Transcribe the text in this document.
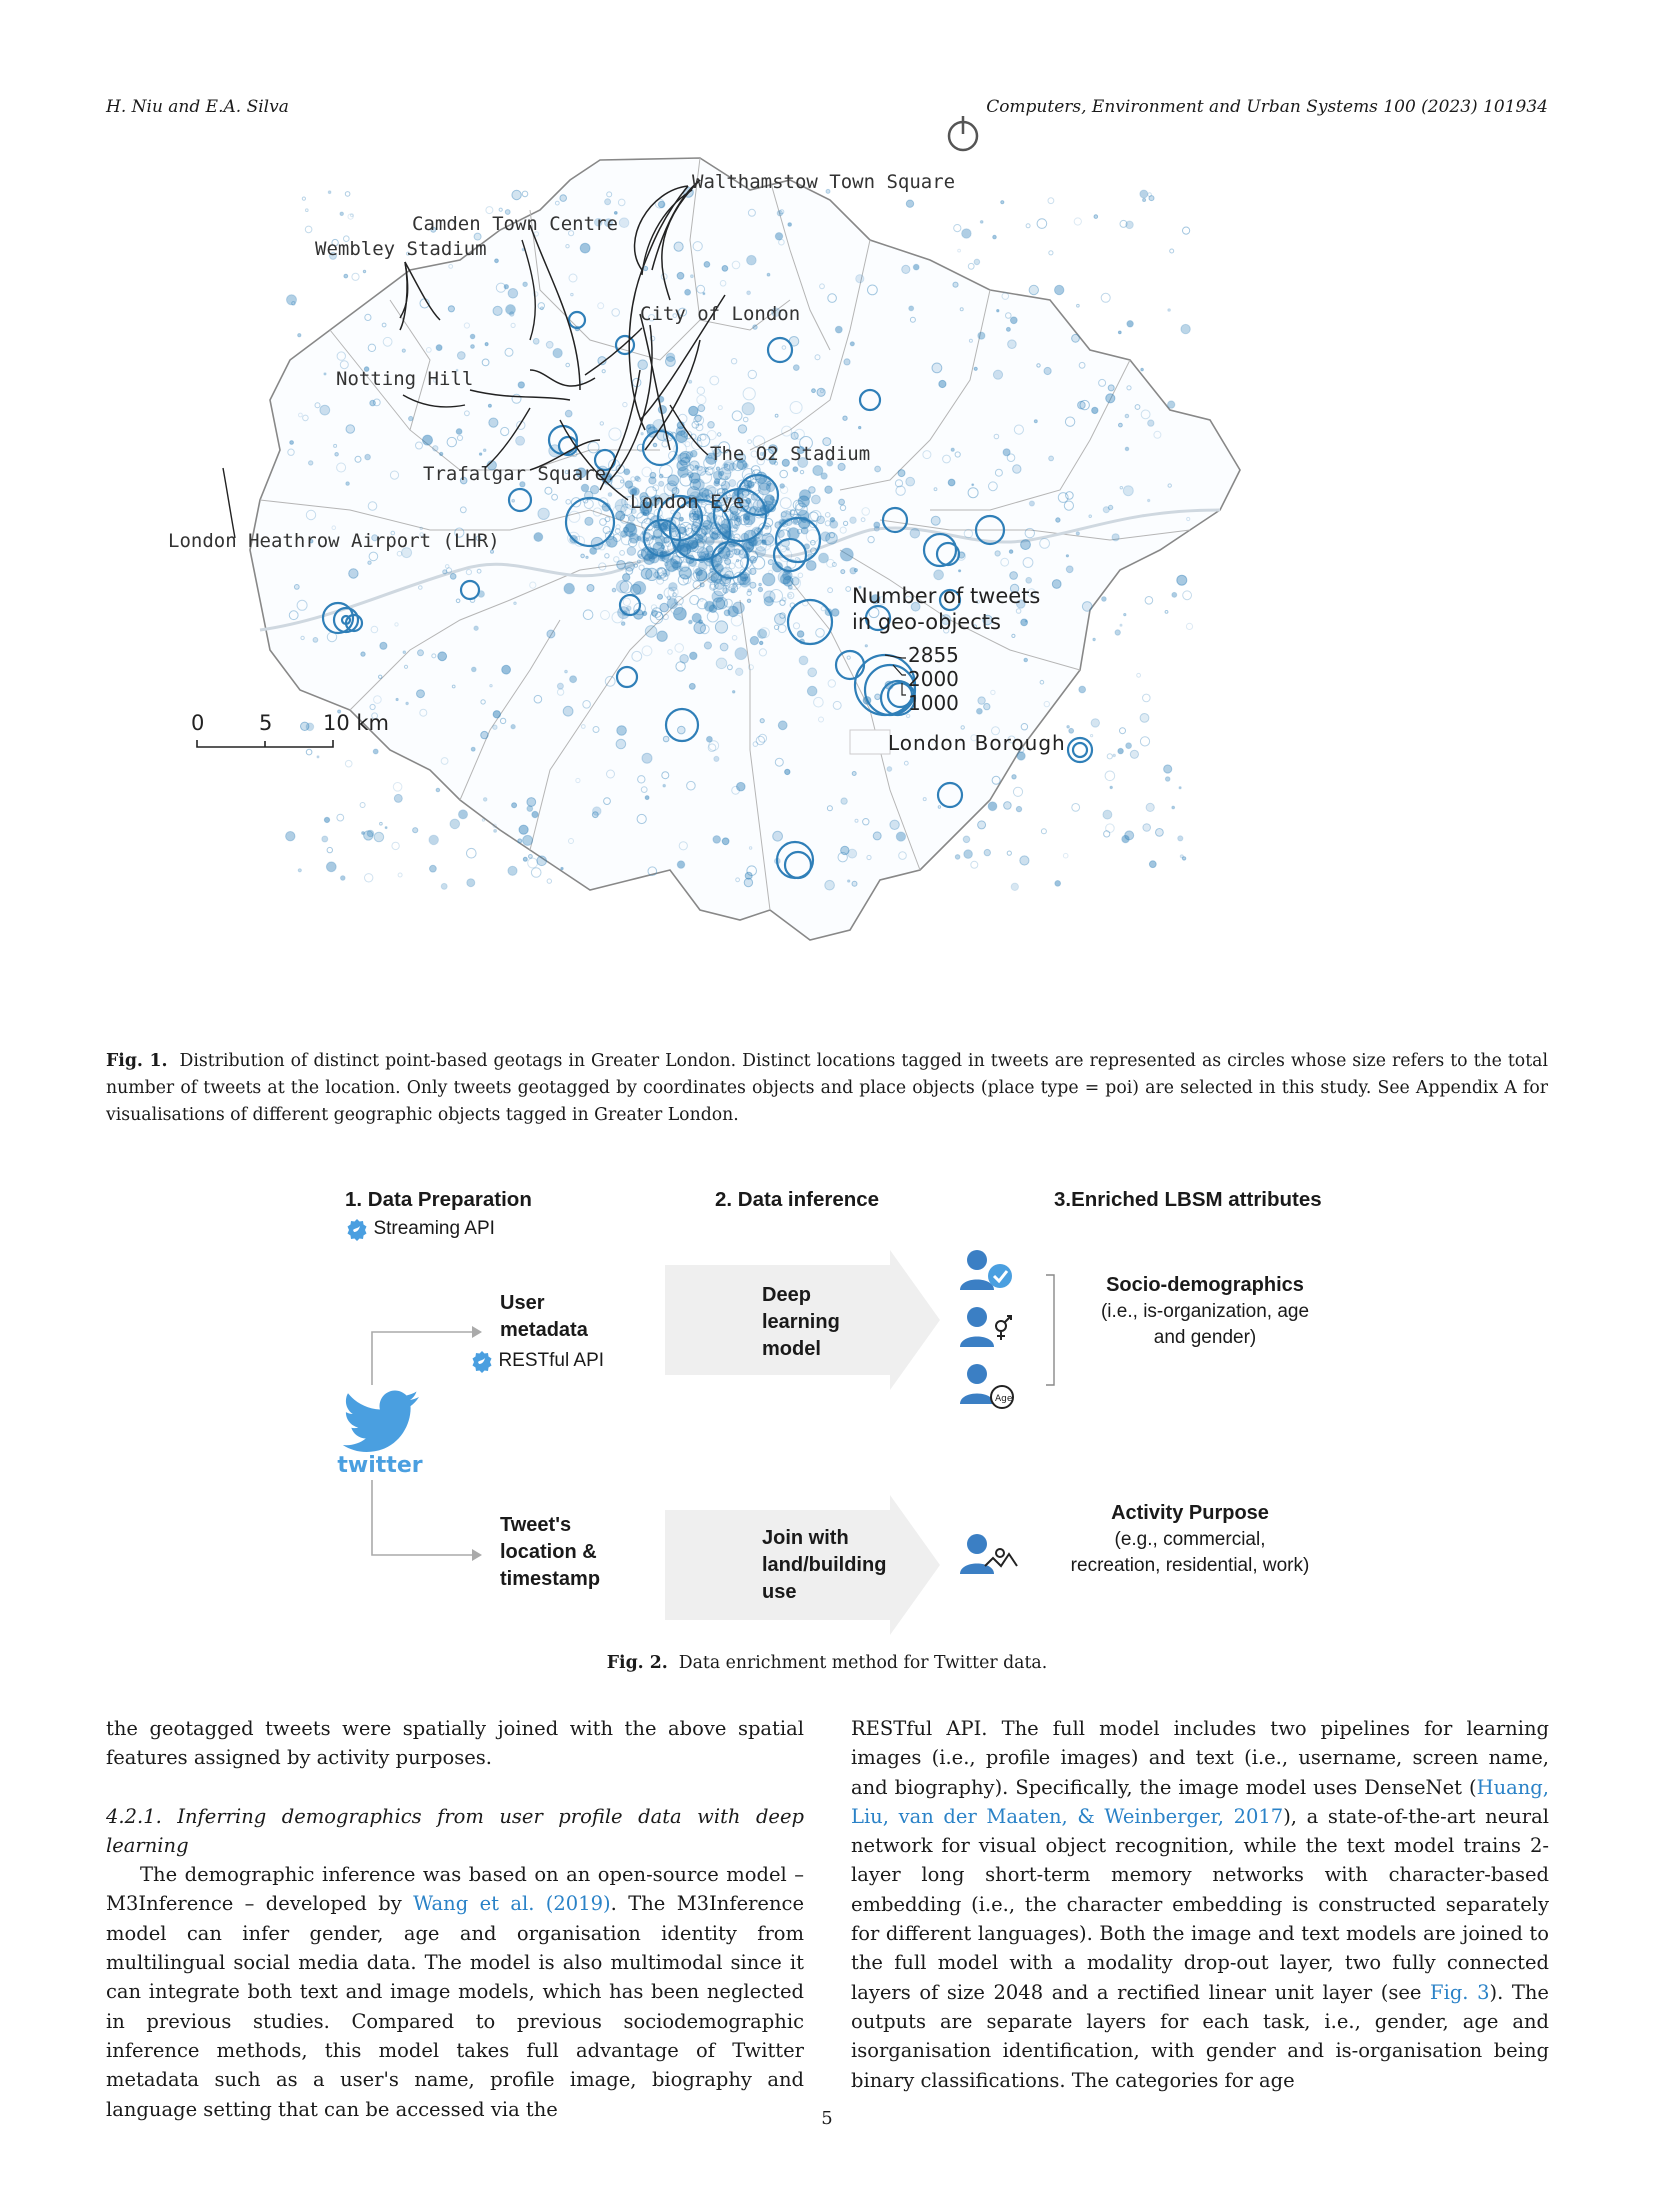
H. Niu and E.A. Silva	Computers, Environment and Urban Systems 100 (2023) 101934
Walthamstow Town Square
Camden Town Centre
Wembley Stadium
City of London
Notting Hill
The O2 Stadium
Trafalgar Square
London Eye
London Heathrow Airport (LHR)
Number of tweets
in geo-objects
2855
2000
1000
London Borough
0	5 10 km
Fig. 1. Distribution of distinct point-based geotags in Greater London. Distinct locations tagged in tweets are represented as circles whose size refers to the total number of tweets at the location. Only tweets geotagged by coordinates objects and place objects (place type = poi) are selected in this study. See Appendix A for visualisations of different geographic objects tagged in Greater London.
1. Data Preparation	2. Data inference	3.Enriched LBSM attributes
Streaming API
User
metadata
RESTful API
twitter
Tweet's
location &
timestamp
Deep
learning
model
Join with
land/building
use
Age
Socio-demographics
(i.e., is-organization, age
and gender)
Activity Purpose
(e.g., commercial,
recreation, residential, work)
Fig. 2. Data enrichment method for Twitter data.

the geotagged tweets were spatially joined with the above spatial features assigned by activity purposes.

4.2.1. Inferring demographics from user profile data with deep learning

The demographic inference was based on an open-source model – M3Inference – developed by Wang et al. (2019). The M3Inference model can infer gender, age and organisation identity from multilingual social media data. The model is also multimodal since it can integrate both text and image models, which has been neglected in previous studies. Compared to previous sociodemographic inference methods, this model takes full advantage of Twitter metadata such as a user's name, profile image, biography and language setting that can be accessed via the

RESTful API. The full model includes two pipelines for learning images (i.e., profile images) and text (i.e., username, screen name, and biography). Specifically, the image model uses DenseNet (Huang, Liu, van der Maaten, & Weinberger, 2017), a state-of-the-art neural network for visual object recognition, while the text model trains 2-layer long short-term memory networks with character-based embedding (i.e., the character embedding is constructed separately for different languages). Both the image and text models are joined to the full model with a modality drop-out layer, two fully connected layers of size 2048 and a rectified linear unit layer (see Fig. 3). The outputs are separate layers for each task, i.e., gender, age and isorganisation identification, with gender and is-organisation being binary classifications. The categories for age

5
